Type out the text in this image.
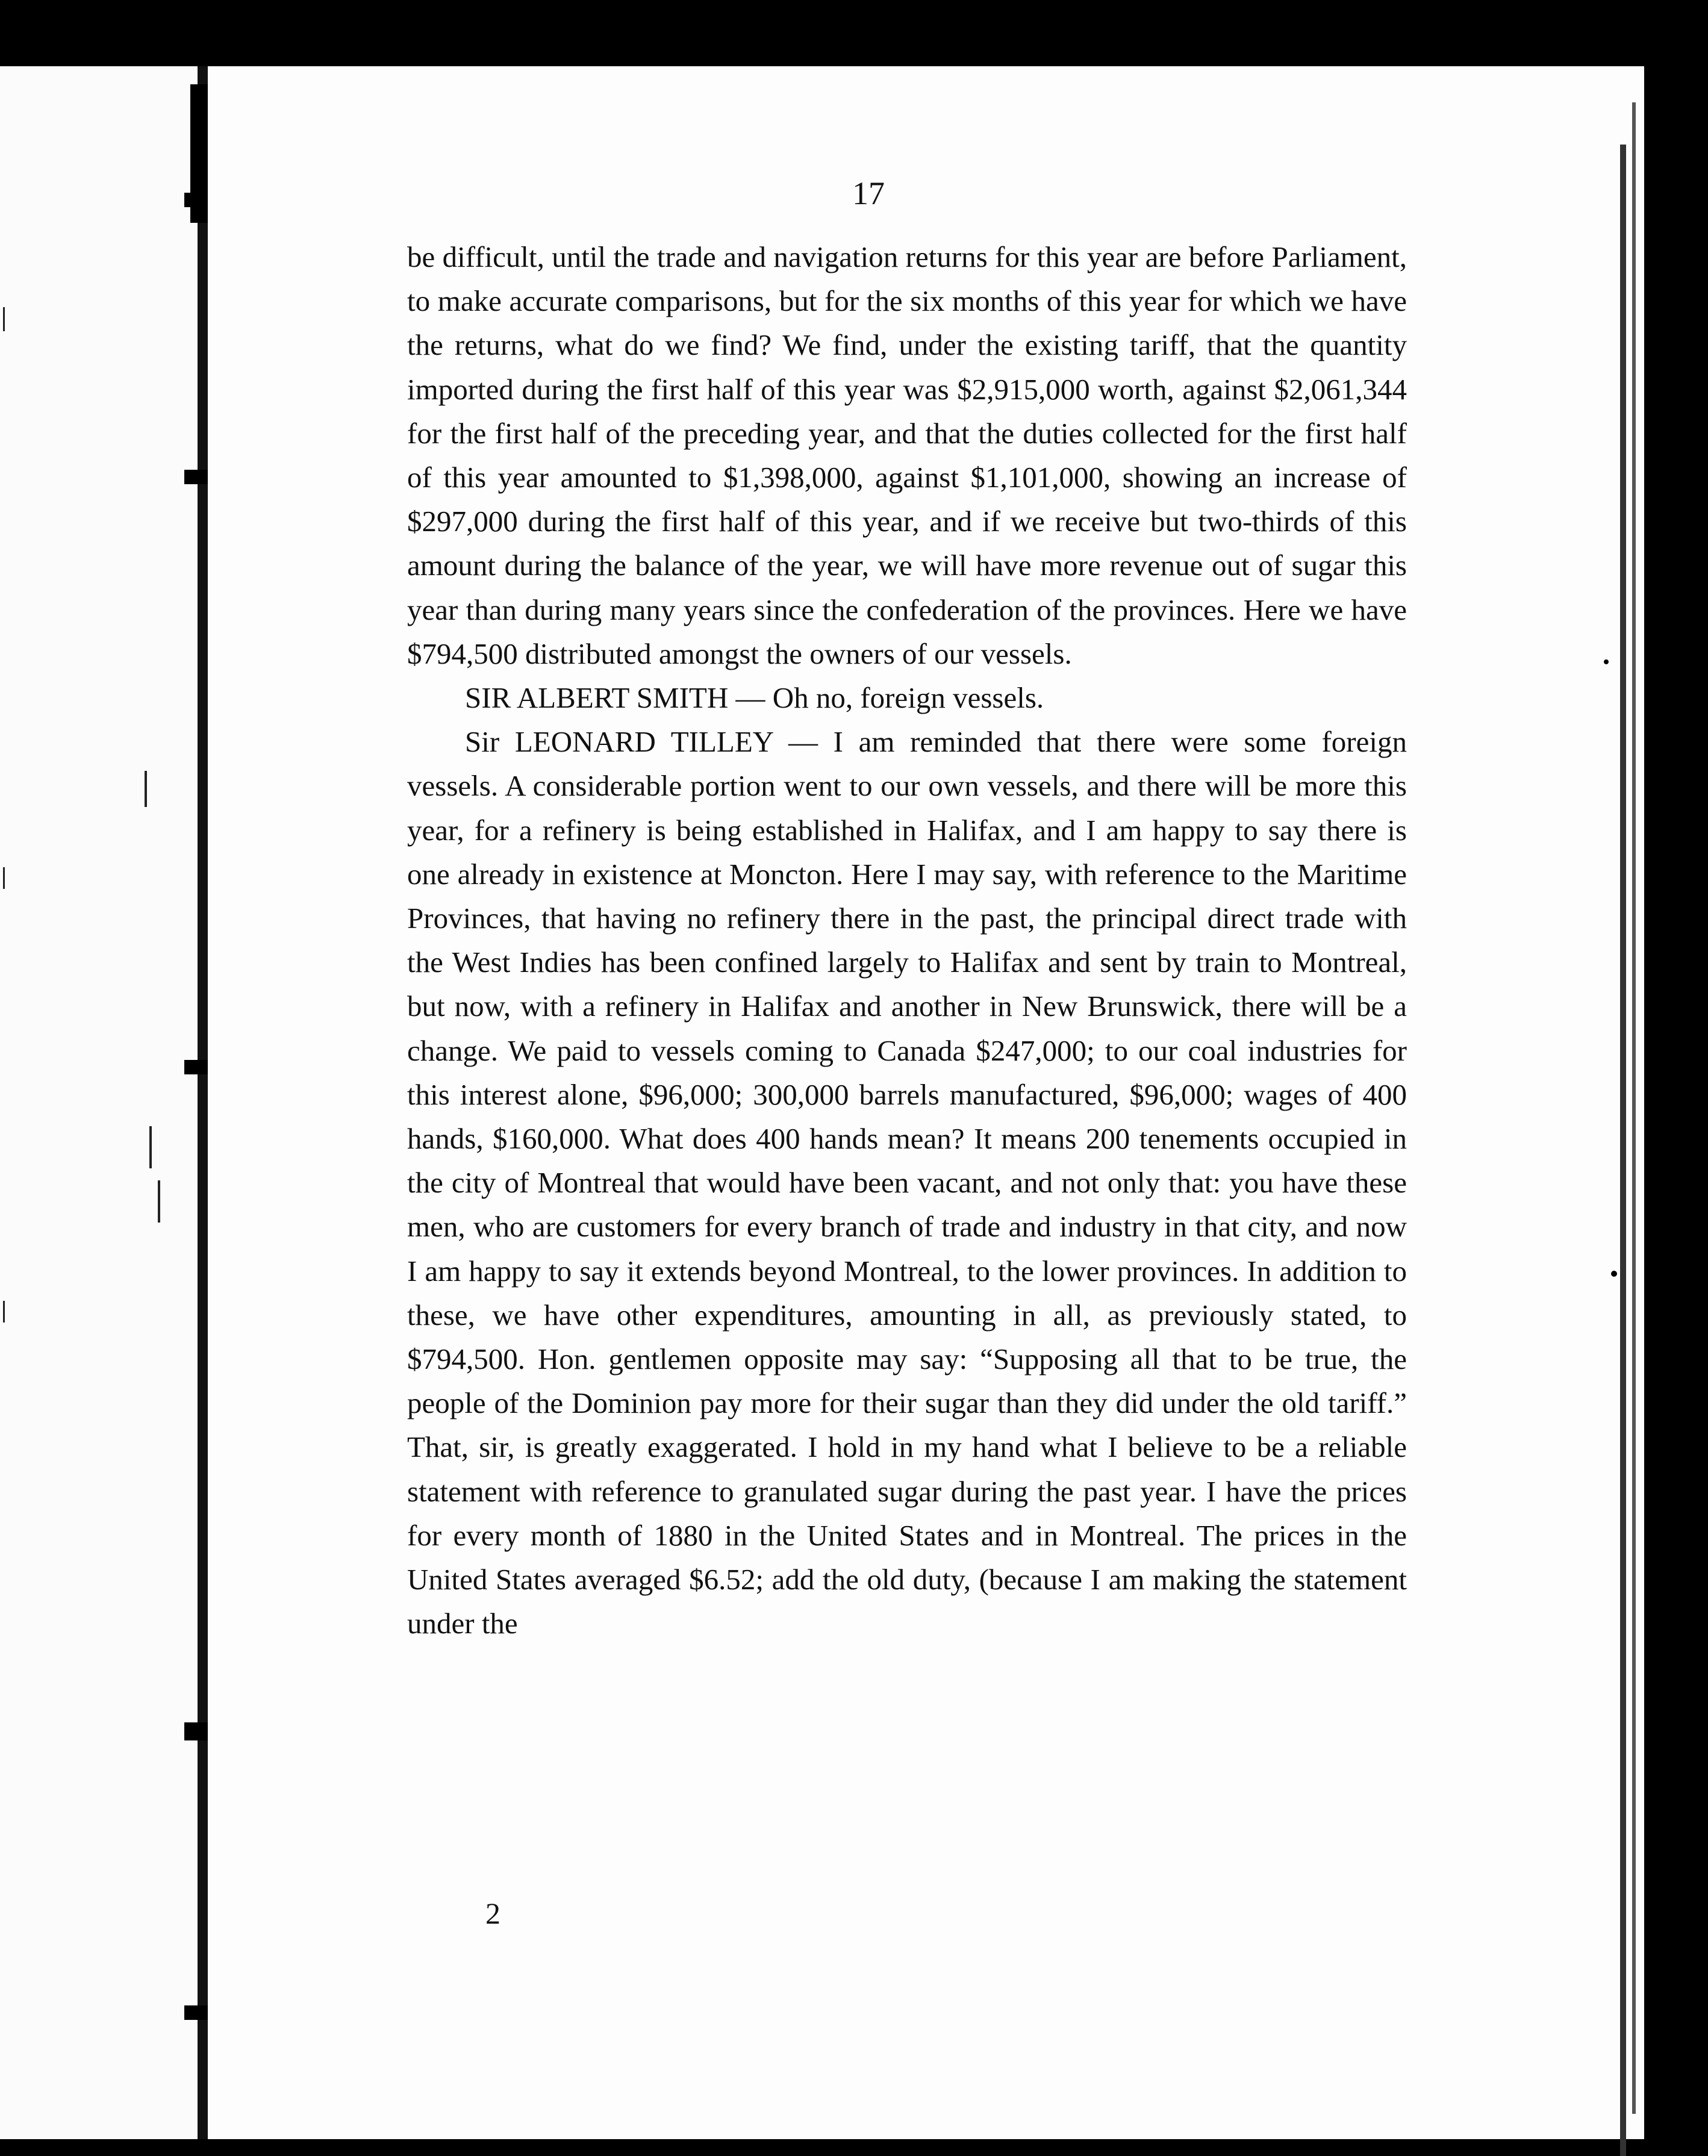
17

be difficult, until the trade and navigation returns for this year are before Parliament, to make accurate comparisons, but for the six months of this year for which we have the returns, what do we find? We find, under the existing tariff, that the quantity imported during the first half of this year was $2,915,000 worth, against $2,061,344 for the first half of the preceding year, and that the duties collected for the first half of this year amounted to $1,398,000, against $1,101,000, showing an increase of $297,000 during the first half of this year, and if we receive but two-thirds of this amount during the balance of the year, we will have more revenue out of sugar this year than during many years since the confederation of the provinces. Here we have $794,500 distributed amongst the owners of our vessels.

SIR ALBERT SMITH — Oh no, foreign vessels.

Sir LEONARD TILLEY — I am reminded that there were some foreign vessels. A considerable portion went to our own vessels, and there will be more this year, for a refinery is being established in Halifax, and I am happy to say there is one already in existence at Moncton. Here I may say, with reference to the Maritime Provinces, that having no refinery there in the past, the principal direct trade with the West Indies has been confined largely to Halifax and sent by train to Montreal, but now, with a refinery in Halifax and another in New Brunswick, there will be a change. We paid to vessels coming to Canada $247,000; to our coal industries for this interest alone, $96,000; 300,000 barrels manufactured, $96,000; wages of 400 hands, $160,000. What does 400 hands mean? It means 200 tenements occupied in the city of Montreal that would have been vacant, and not only that: you have these men, who are customers for every branch of trade and industry in that city, and now I am happy to say it extends beyond Montreal, to the lower provinces. In addition to these, we have other expenditures, amounting in all, as previously stated, to $794,500. Hon. gentlemen opposite may say: “Supposing all that to be true, the people of the Dominion pay more for their sugar than they did under the old tariff.” That, sir, is greatly exaggerated. I hold in my hand what I believe to be a reliable statement with reference to granulated sugar during the past year. I have the prices for every month of 1880 in the United States and in Montreal. The prices in the United States averaged $6.52; add the old duty, (because I am making the statement under the

2
